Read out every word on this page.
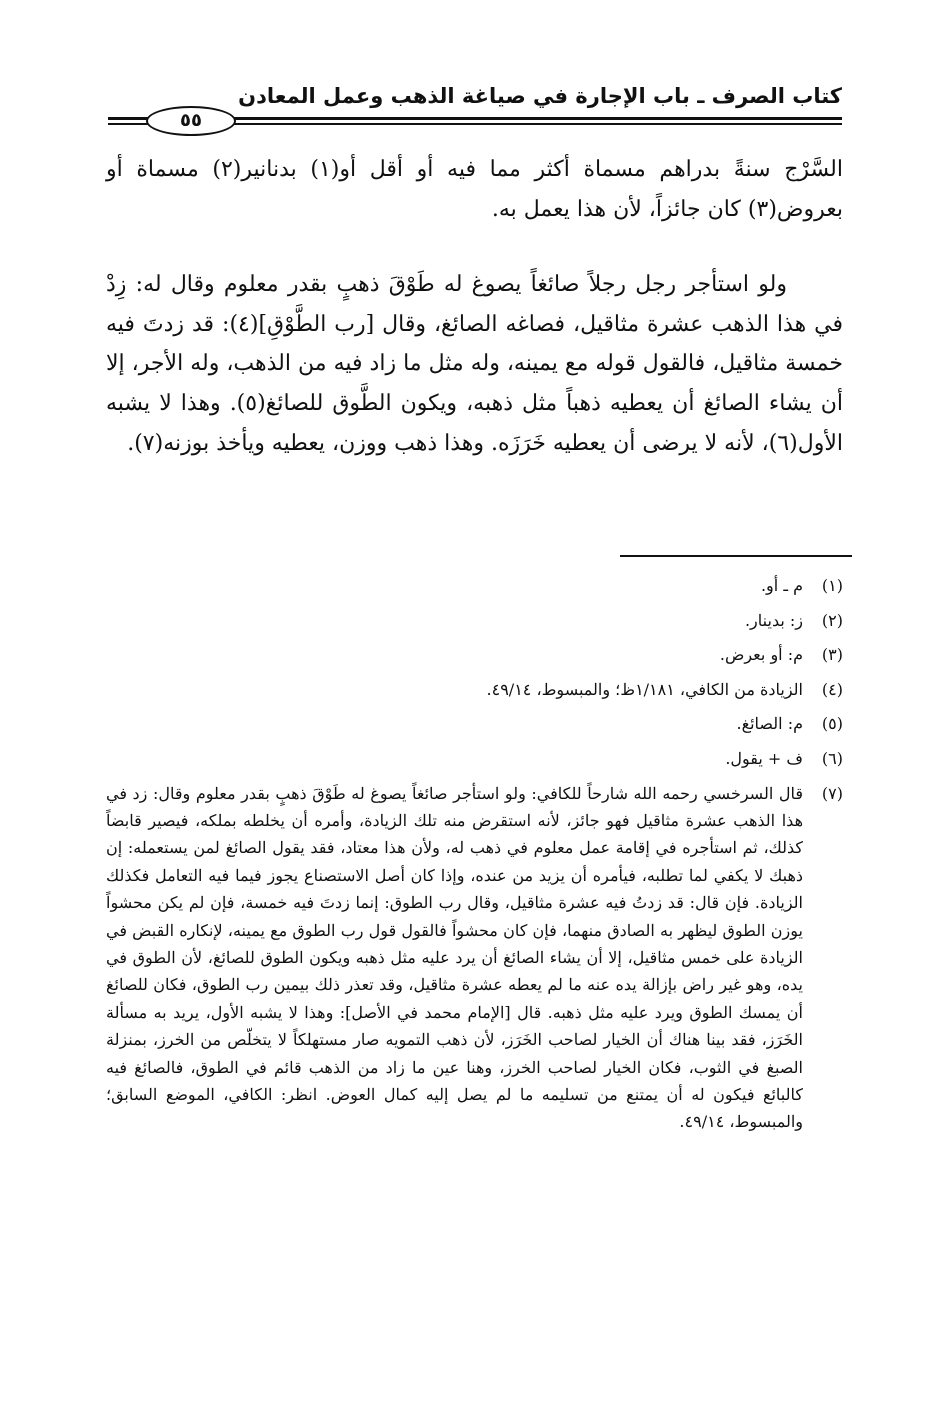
كتاب الصرف ـ باب الإجارة في صياغة الذهب وعمل المعادن
٥٥

السَّرْج سنةً بدراهم مسماة أكثر مما فيه أو أقل أو(١) بدنانير(٢) مسماة أو بعروض(٣) كان جائزاً، لأن هذا يعمل به.

ولو استأجر رجل رجلاً صائغاً يصوغ له طَوْقَ ذهبٍ بقدر معلوم وقال له: زِدْ في هذا الذهب عشرة مثاقيل، فصاغه الصائغ، وقال [رب الطَّوْقِ](٤): قد زدتَ فيه خمسة مثاقيل، فالقول قوله مع يمينه، وله مثل ما زاد فيه من الذهب، وله الأجر، إلا أن يشاء الصائغ أن يعطيه ذهباً مثل ذهبه، ويكون الطَّوق للصائغ(٥). وهذا لا يشبه الأول(٦)، لأنه لا يرضى أن يعطيه خَرَزَه. وهذا ذهب ووزن، يعطيه ويأخذ بوزنه(٧).

(١)
م ـ أو.
(٢)
ز: بدينار.
(٣)
م: أو بعرض.
(٤)
الزيادة من الكافي، ١/١٨١ظ؛ والمبسوط، ٤٩/١٤.
(٥)
م: الصائغ.
(٦)
ف + يقول.
(٧)
قال السرخسي رحمه الله شارحاً للكافي: ولو استأجر صائغاً يصوغ له طَوْقَ ذهبٍ بقدر معلوم وقال: زد في هذا الذهب عشرة مثاقيل فهو جائز، لأنه استقرض منه تلك الزيادة، وأمره أن يخلطه بملكه، فيصير قابضاً كذلك، ثم استأجره في إقامة عمل معلوم في ذهب له، ولأن هذا معتاد، فقد يقول الصائغ لمن يستعمله: إن ذهبك لا يكفي لما تطلبه، فيأمره أن يزيد من عنده، وإذا كان أصل الاستصناع يجوز فيما فيه التعامل فكذلك الزيادة. فإن قال: قد زدتُ فيه عشرة مثاقيل، وقال رب الطوق: إنما زدتَ فيه خمسة، فإن لم يكن محشواً يوزن الطوق ليظهر به الصادق منهما، فإن كان محشواً فالقول قول رب الطوق مع يمينه، لإنكاره القبض في الزيادة على خمس مثاقيل، إلا أن يشاء الصائغ أن يرد عليه مثل ذهبه ويكون الطوق للصائغ، لأن الطوق في يده، وهو غير راض بإزالة يده عنه ما لم يعطه عشرة مثاقيل، وقد تعذر ذلك بيمين رب الطوق، فكان للصائغ أن يمسك الطوق ويرد عليه مثل ذهبه. قال [الإمام محمد في الأصل]: وهذا لا يشبه الأول، يريد به مسألة الخَرَز، فقد بينا هناك أن الخيار لصاحب الخَرَز، لأن ذهب التمويه صار مستهلكاً لا يتخلّص من الخرز، بمنزلة الصبغ في الثوب، فكان الخيار لصاحب الخرز، وهنا عين ما زاد من الذهب قائم في الطوق، فالصائغ فيه كالبائع فيكون له أن يمتنع من تسليمه ما لم يصل إليه كمال العوض. انظر: الكافي، الموضع السابق؛ والمبسوط، ٤٩/١٤.
